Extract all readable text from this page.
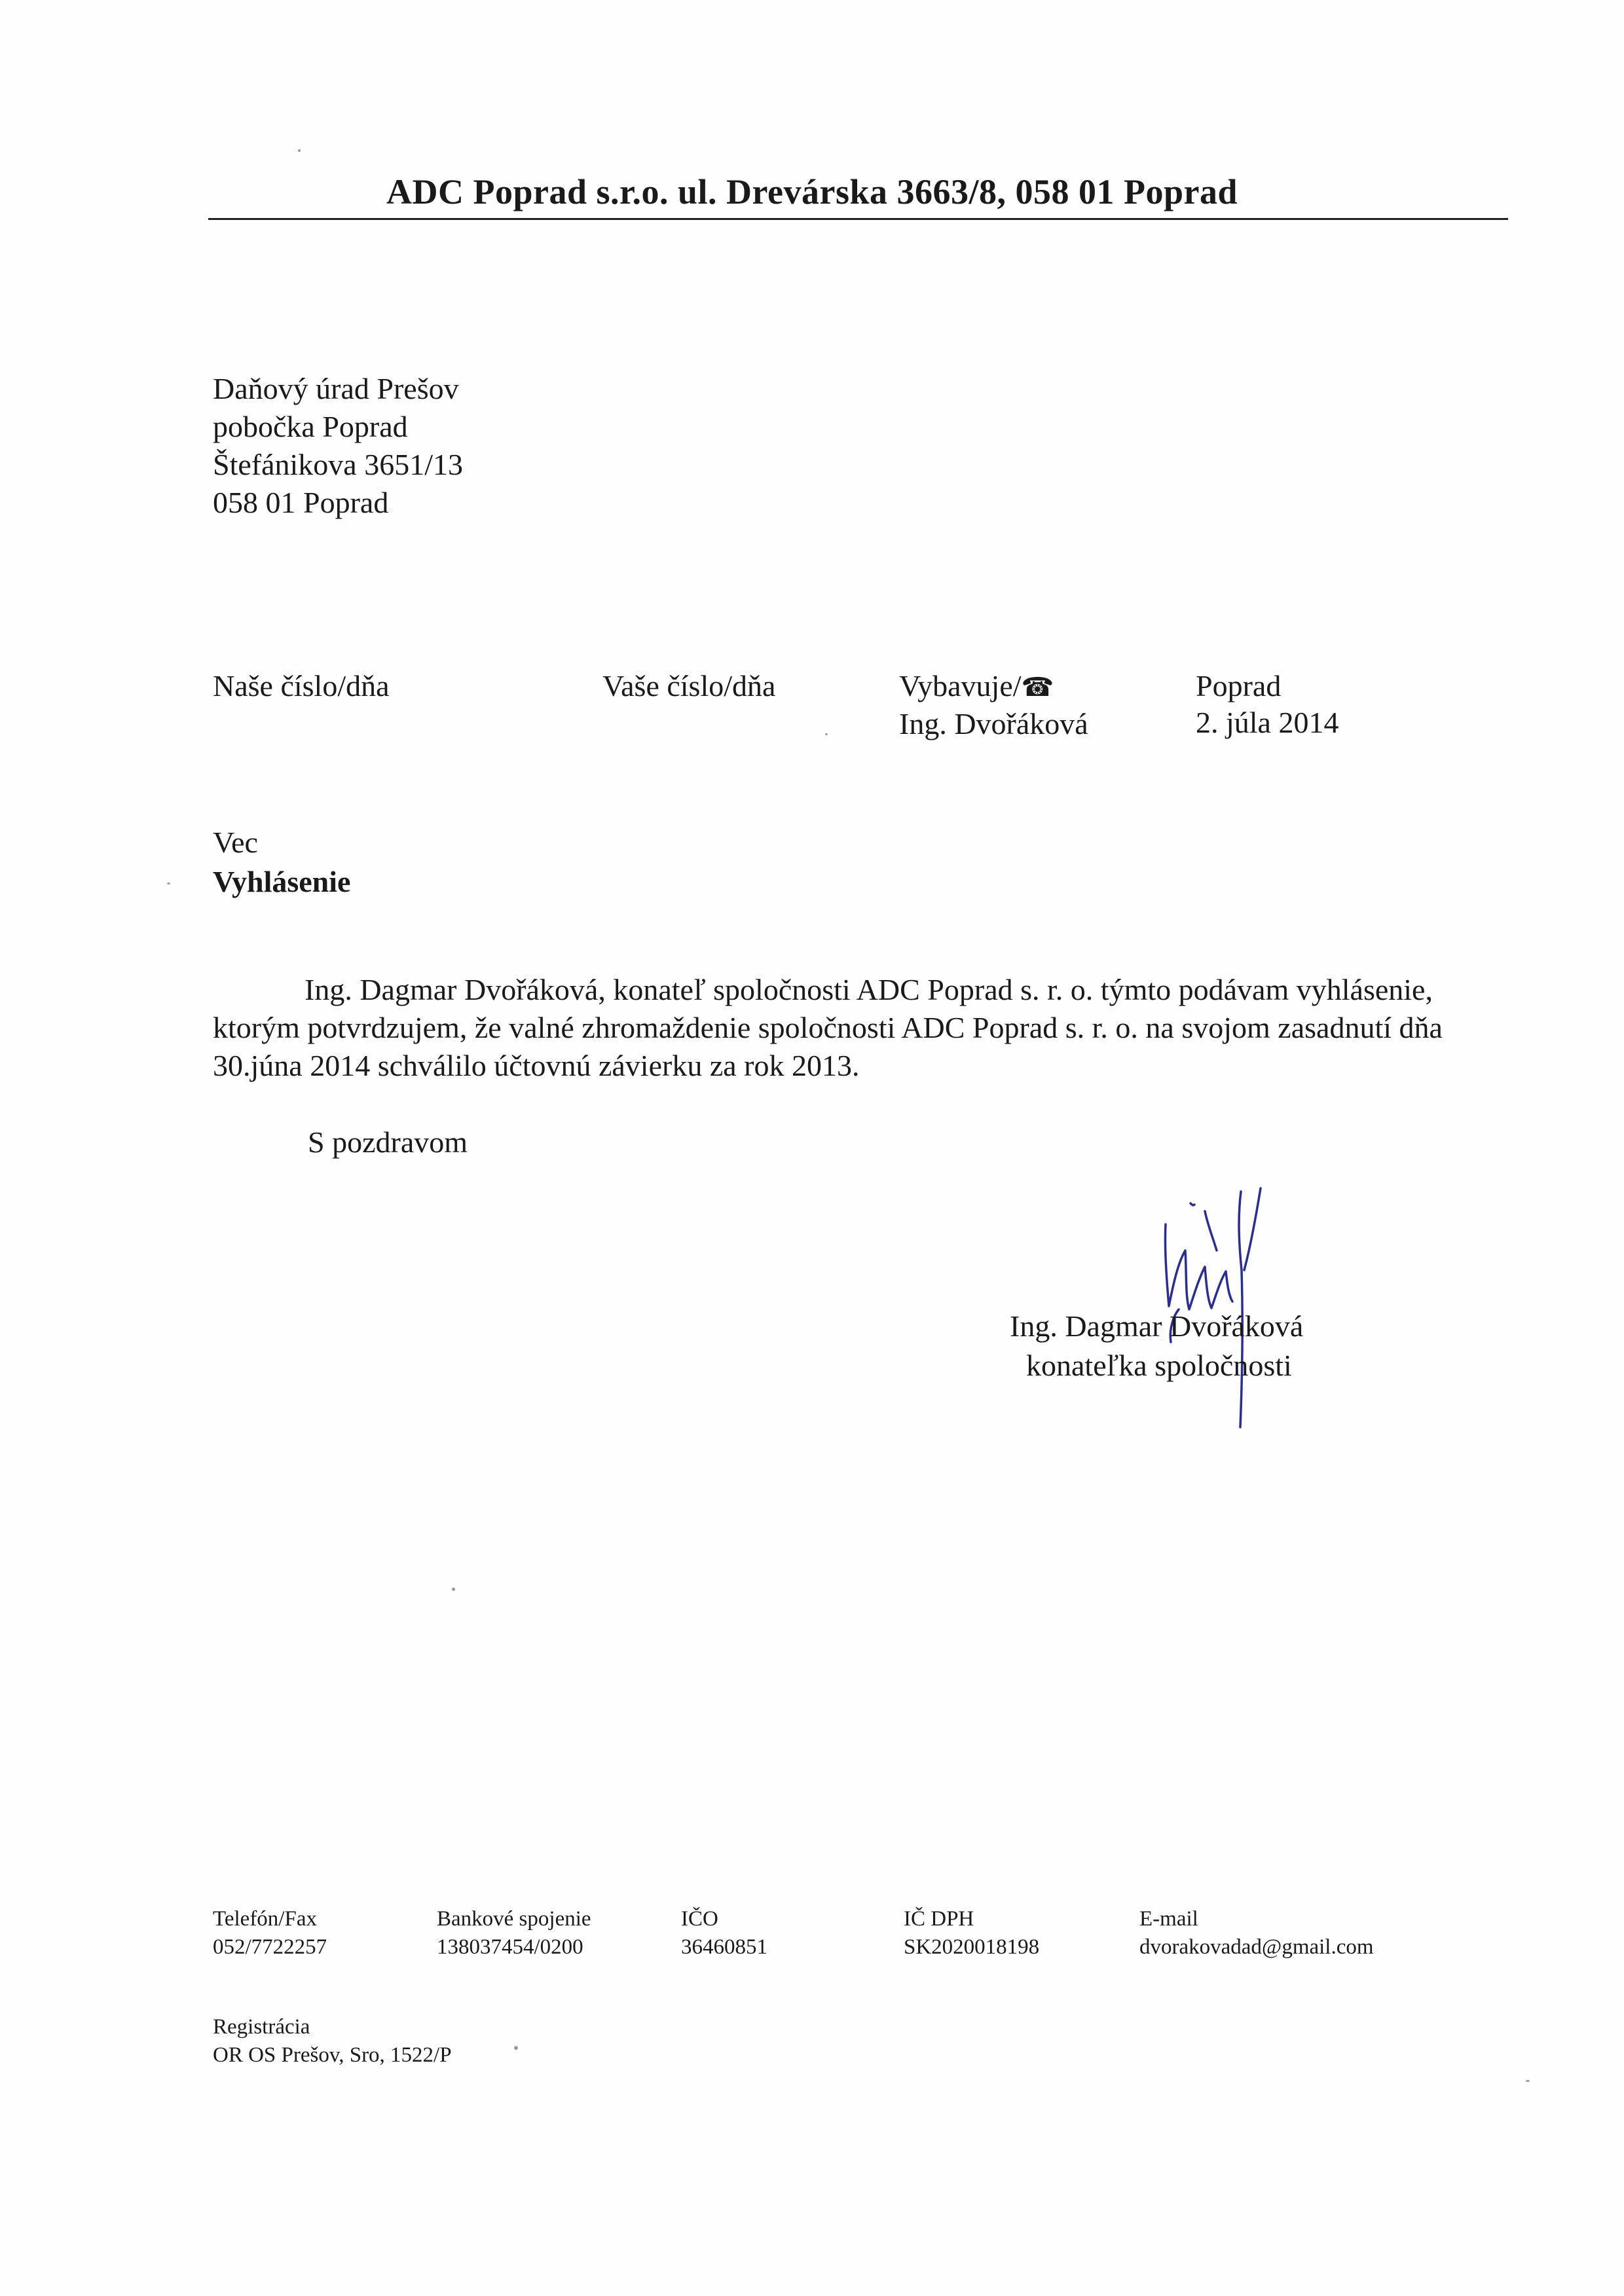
ADC Poprad s.r.o. ul. Drevárska 3663/8, 058 01 Poprad
Daňový úrad Prešov
pobočka Poprad
Štefánikova 3651/13
058 01 Poprad
Naše číslo/dňa	Vaše číslo/dňa	Vybavuje/☎
Ing. Dvořáková
Poprad
2. júla 2014
Vec
Vyhlásenie
Ing. Dagmar Dvořáková, konateľ spoločnosti ADC Poprad s. r. o. týmto podávam vyhlásenie, ktorým potvrdzujem, že valné zhromaždenie spoločnosti ADC Poprad s. r. o. na svojom zasadnutí dňa 30.júna 2014 schválilo účtovnú závierku za rok 2013.
S pozdravom
Ing. Dagmar Dvořáková
konateľka spoločnosti
Telefón/Fax
052/7722257
Bankové spojenie
138037454/0200
IČO
36460851
IČ DPH
SK2020018198
E-mail
dvorakovadad@gmail.com
Registrácia
OR OS Prešov, Sro, 1522/P
